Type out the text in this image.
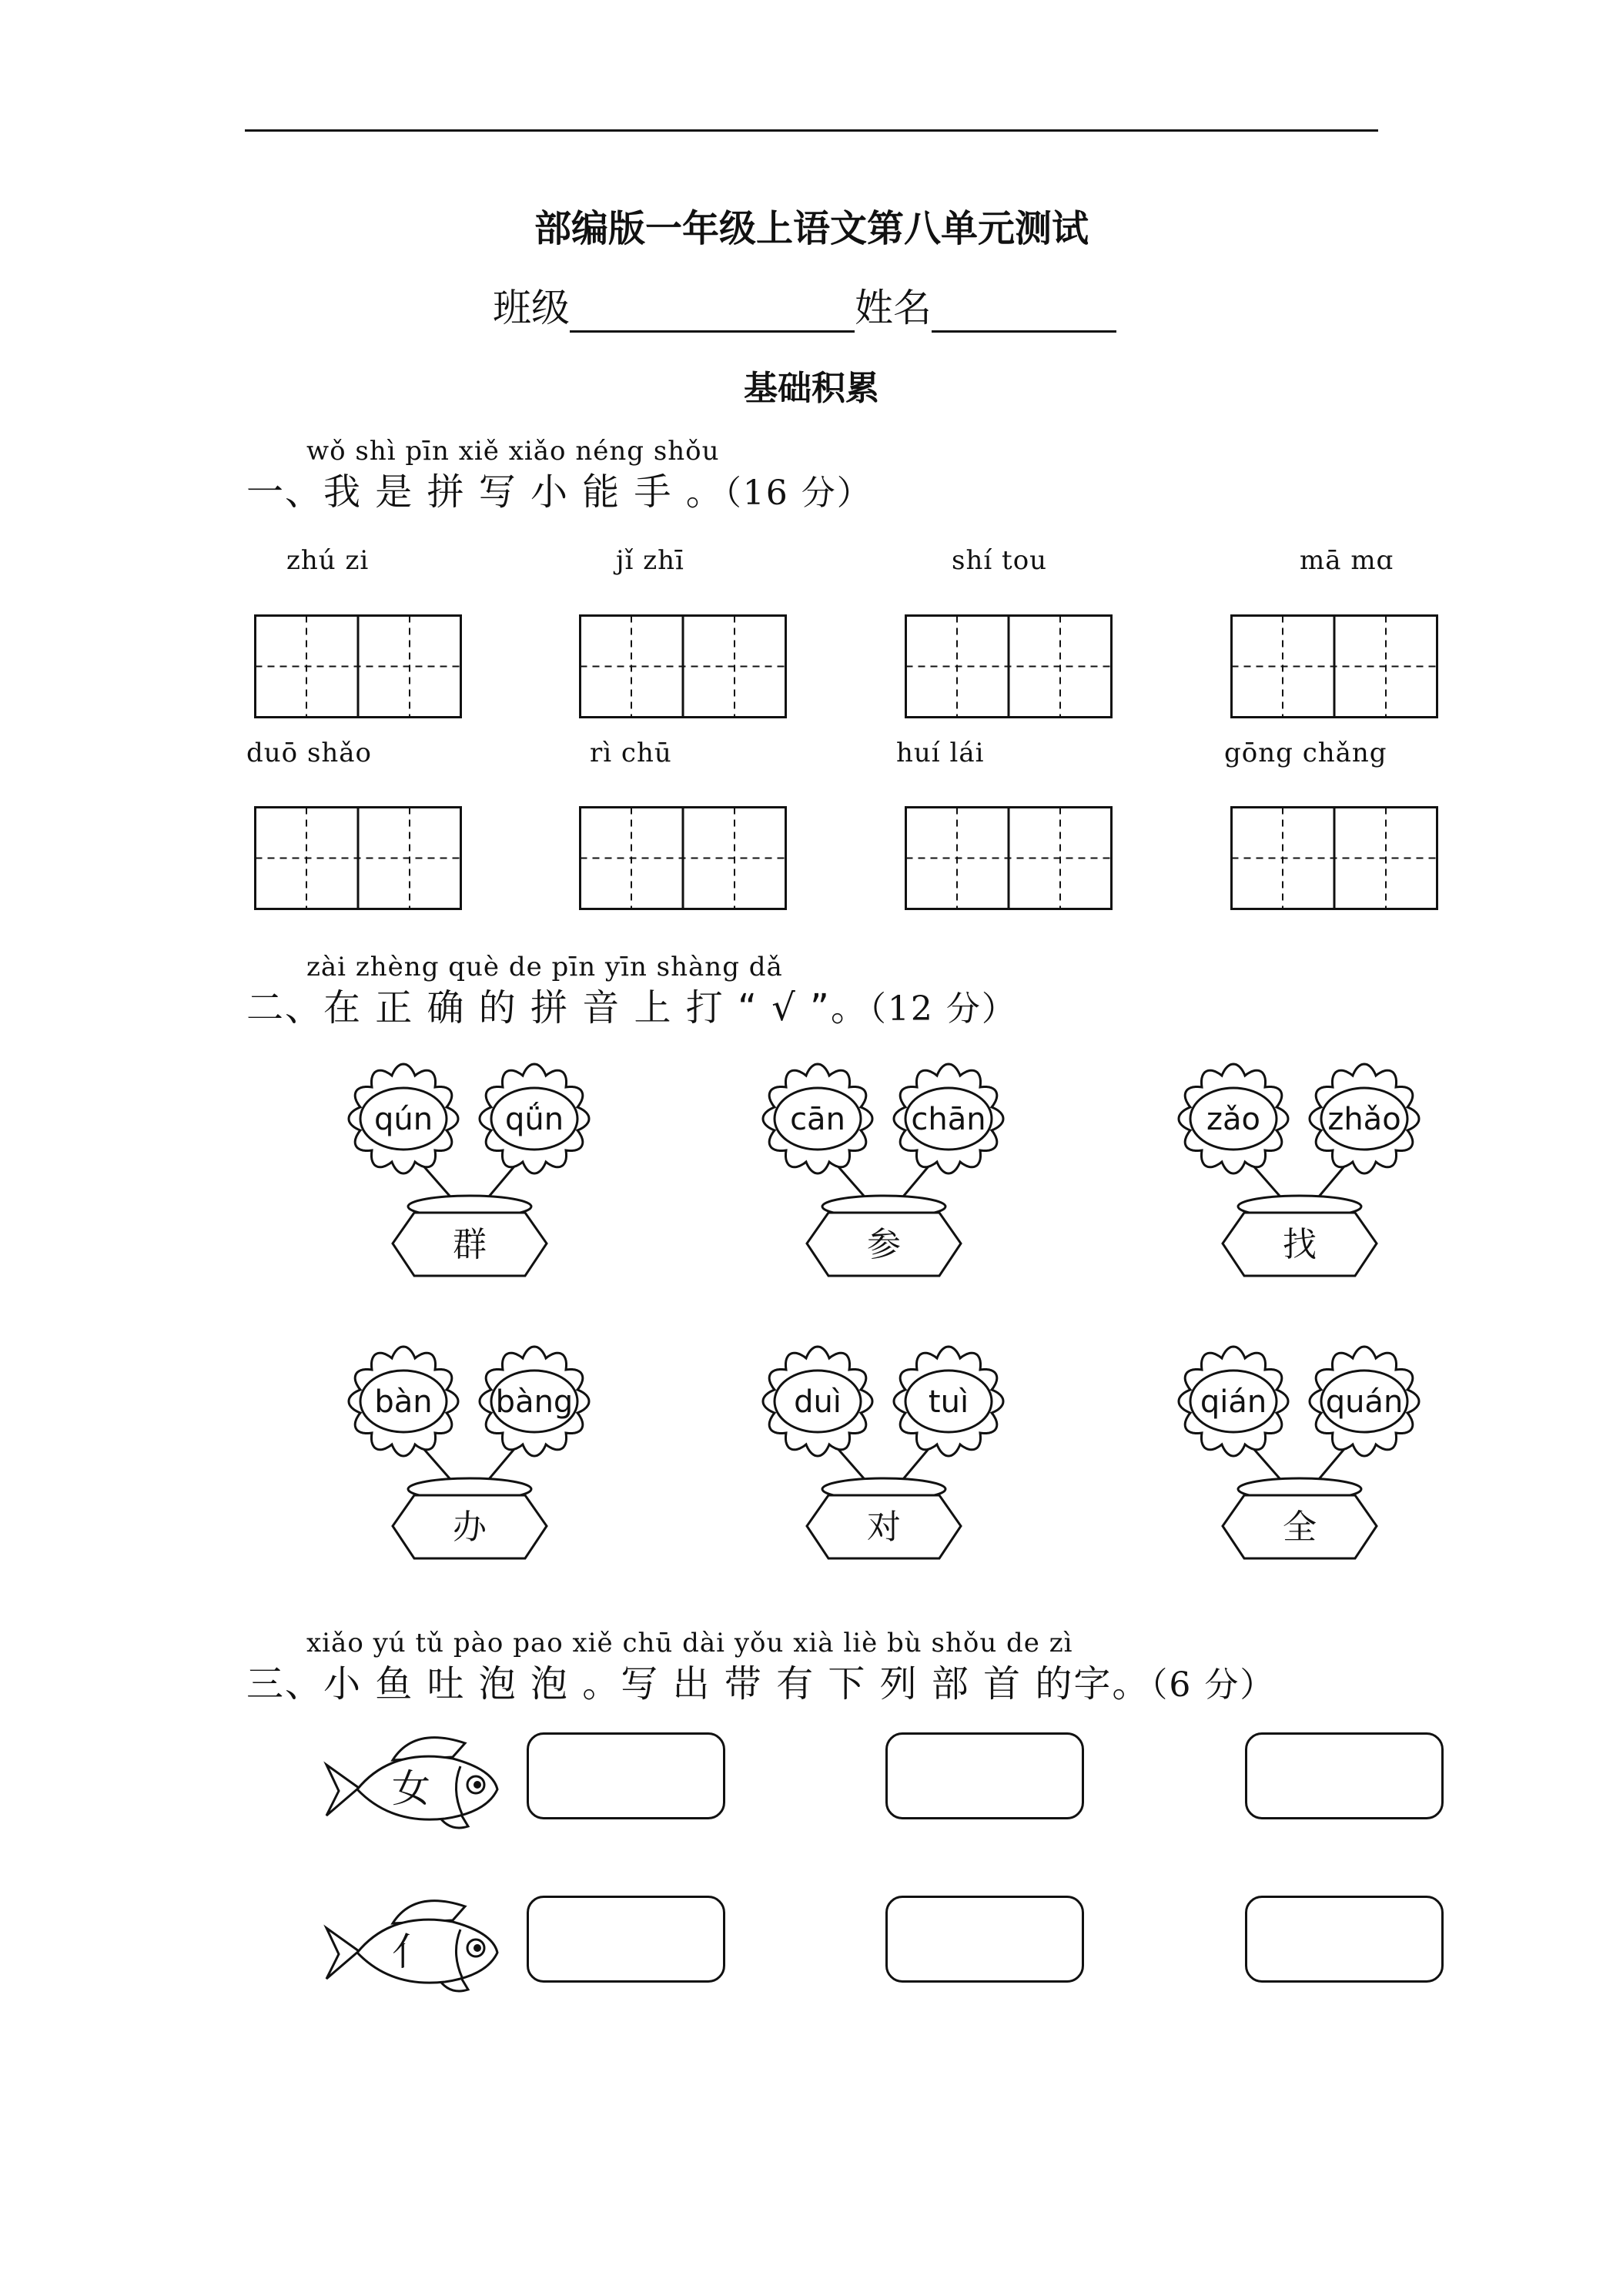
部编版一年级上语文第八单元测试
班级	姓名
基础积累
wǒ shì pīn xiě xiǎo néng shǒu
一、我 是 拼 写 小 能 手 。（16 分）
zhú zi	jǐ zhī	shí tou	mā mɑ
duō shǎo	rì chū	huí lái	gōng chǎng
zài zhèng què de pīn yīn shàng dǎ
二、在 正 确 的 拼 音 上 打 “ √ ”。（12 分）
qún qǘn
群
cān chān
参
zǎo zhǎo
找
bàn bàng
办
duì	tuì
对
qián quán
全
xiǎo yú tǔ pào pao xiě chū dài yǒu xià liè bù shǒu de zì
三、小 鱼 吐 泡 泡 。写 出 带 有 下 列 部 首 的字。（6 分）
女
亻
